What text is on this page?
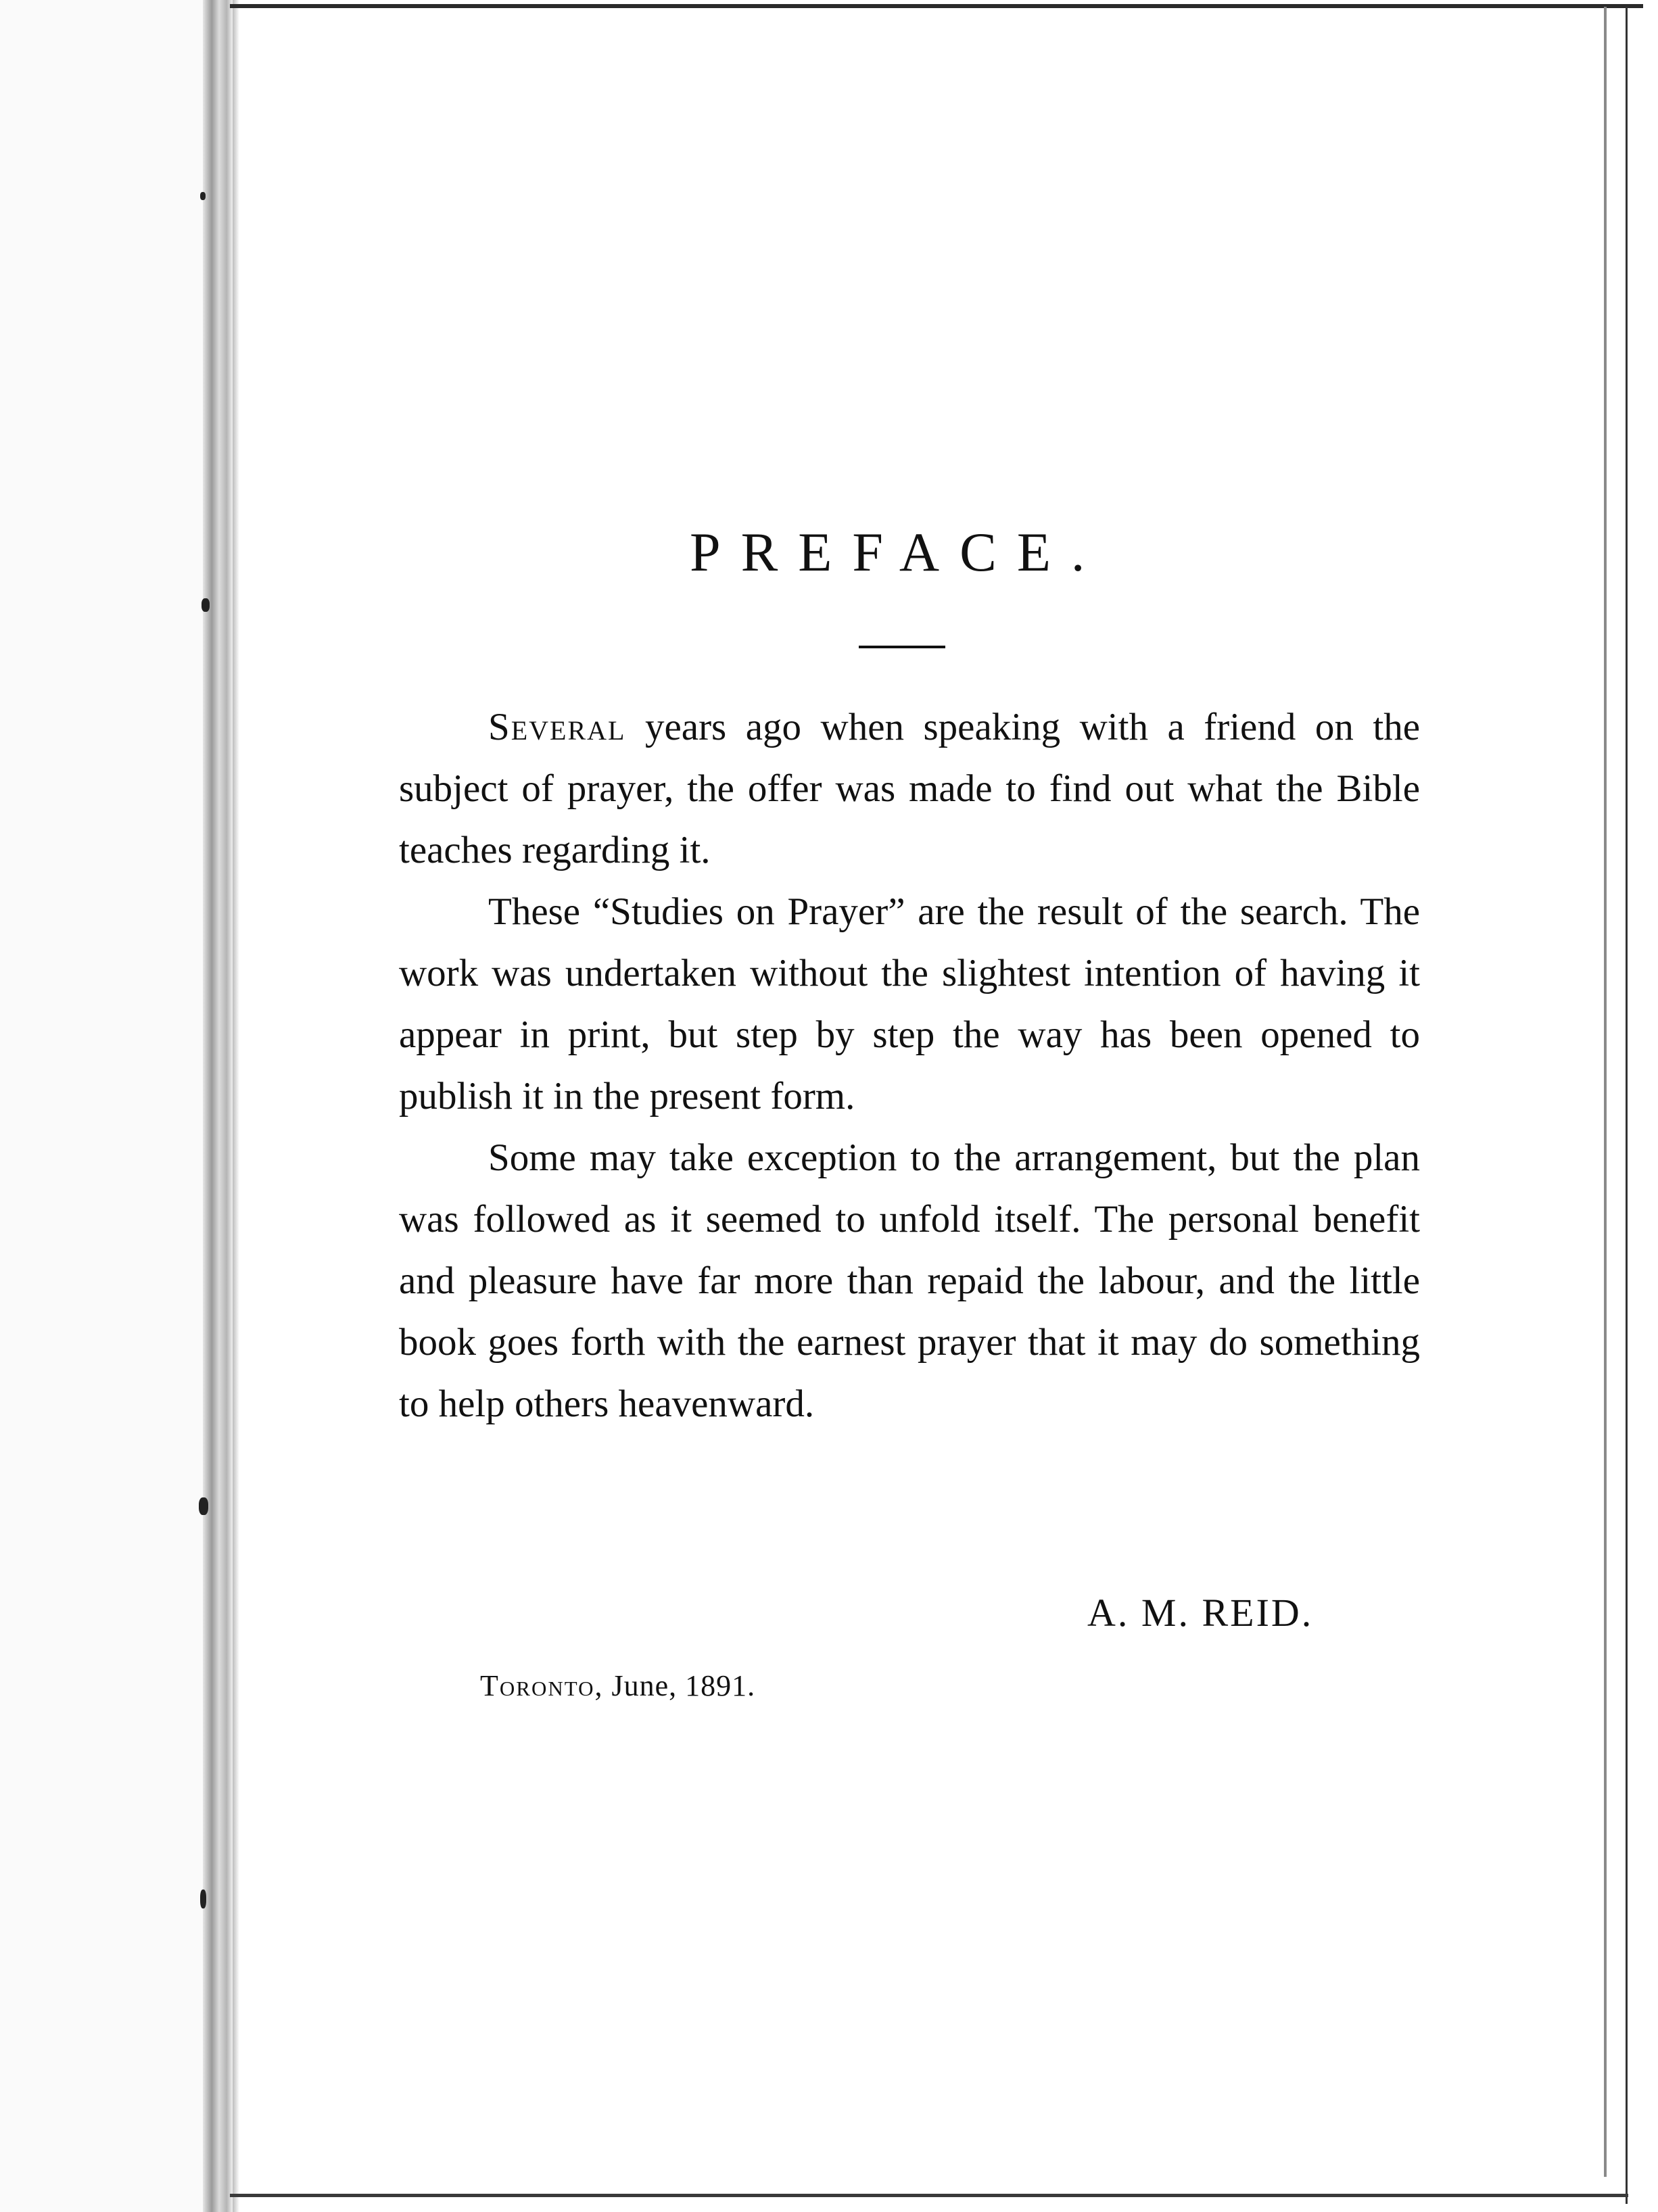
PREFACE.

Several years ago when speaking with a friend on the subject of prayer, the offer was made to find out what the Bible teaches regarding it.

These “Studies on Prayer” are the result of the search. The work was undertaken without the slightest intention of having it appear in print, but step by step the way has been opened to publish it in the present form.

Some may take exception to the arrangement, but the plan was followed as it seemed to unfold itself. The personal benefit and pleasure have far more than repaid the labour, and the little book goes forth with the earnest prayer that it may do something to help others heavenward.

A. M. REID.
Toronto, June, 1891.
